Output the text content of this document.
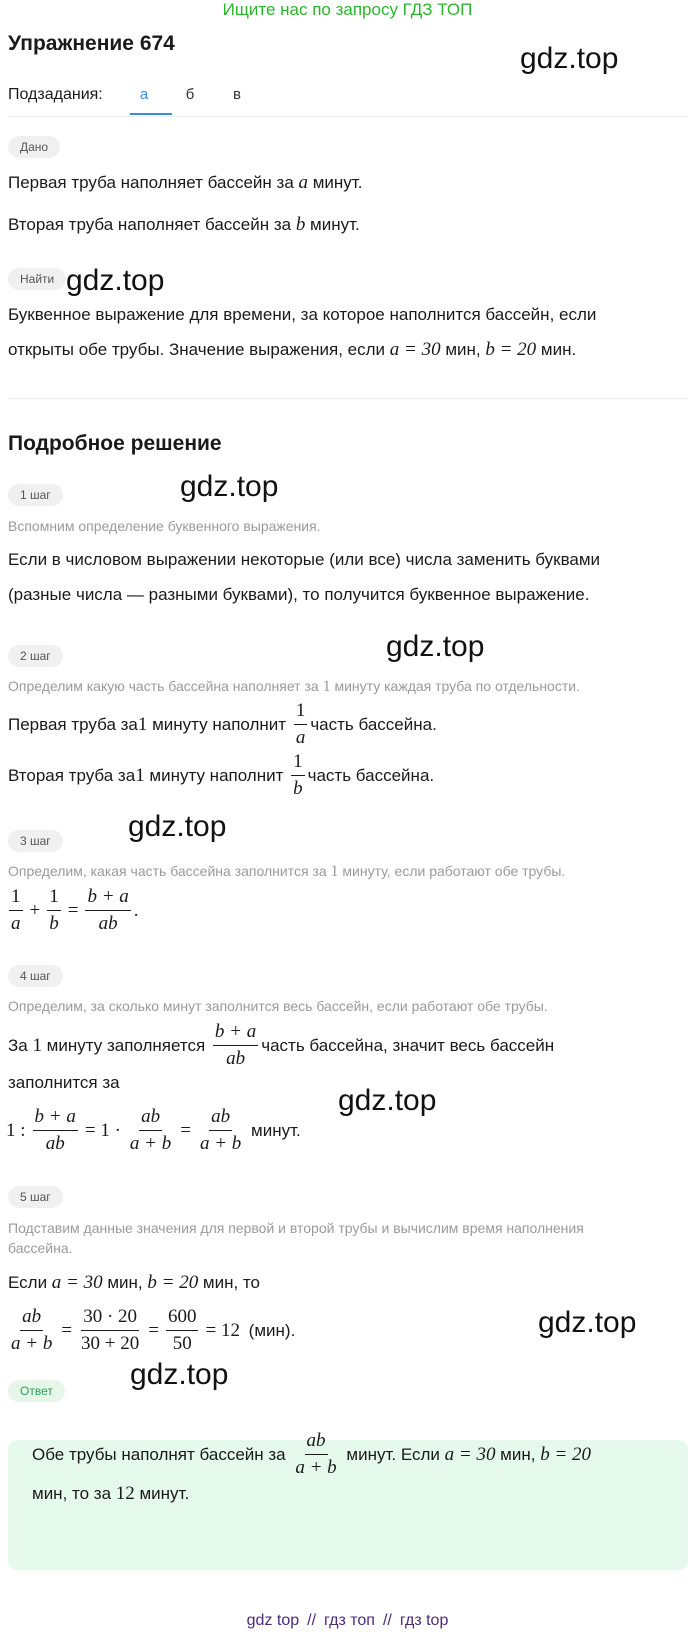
Ищите нас по запросу ГДЗ ТОП
Упражнение 674	gdz.top
gdz.top
gdz.top
gdz.top
gdz.top
gdz.top
gdz.top
gdz.top
Подзадания:	а	б	в
Дано
Первая труба наполняет бассейн за a минут.
Вторая труба наполняет бассейн за b минут.
Найти
Буквенное выражение для времени, за которое наполнится бассейн, если
открыты обе трубы. Значение выражения, если a = 30 мин, b = 20 мин.
Подробное решение
1 шаг
Вспомним определение буквенного выражения.
Если в числовом выражении некоторые (или все) числа заменить буквами
(разные числа — разными буквами), то получится буквенное выражение.
2 шаг
Определим какую часть бассейна наполняет за 1 минуту каждая труба по отдельности.
Первая труба за 1 минуту наполнит $\frac{1}{a}$ часть бассейна.
Вторая труба за 1 минуту наполнит $\frac{1}{b}$ часть бассейна.
3 шаг
Определим, какая часть бассейна заполнится за 1 минуту, если работают обе трубы.
$\frac{1}{a} + \frac{1}{b} = \frac{b + a}{ab}$ .
4 шаг
Определим, за сколько минут заполнится весь бассейн, если работают обе трубы.
За 1 минуту заполняется $\frac{b + a}{ab}$ часть бассейна, значит весь бассейн
заполнится за
1 : $\frac{b + a}{ab} = 1 \cdot \frac{ab}{a + b} = \frac{ab}{a + b}$ минут.
5 шаг
Подставим данные значения для первой и второй трубы и вычислим время наполнения
бассейна.
Если a = 30 мин, b = 20 мин, то
$\frac{ab}{a + b} = \frac{30 \cdot 20}{30 + 20} = \frac{600}{50} = 12$ (мин).
Ответ
Обе трубы наполнят бассейн за $\frac{ab}{a + b}$ минут. Если a = 30 мин, b = 20
мин, то за 12 минут.
gdz top // гдз топ // гдз top
